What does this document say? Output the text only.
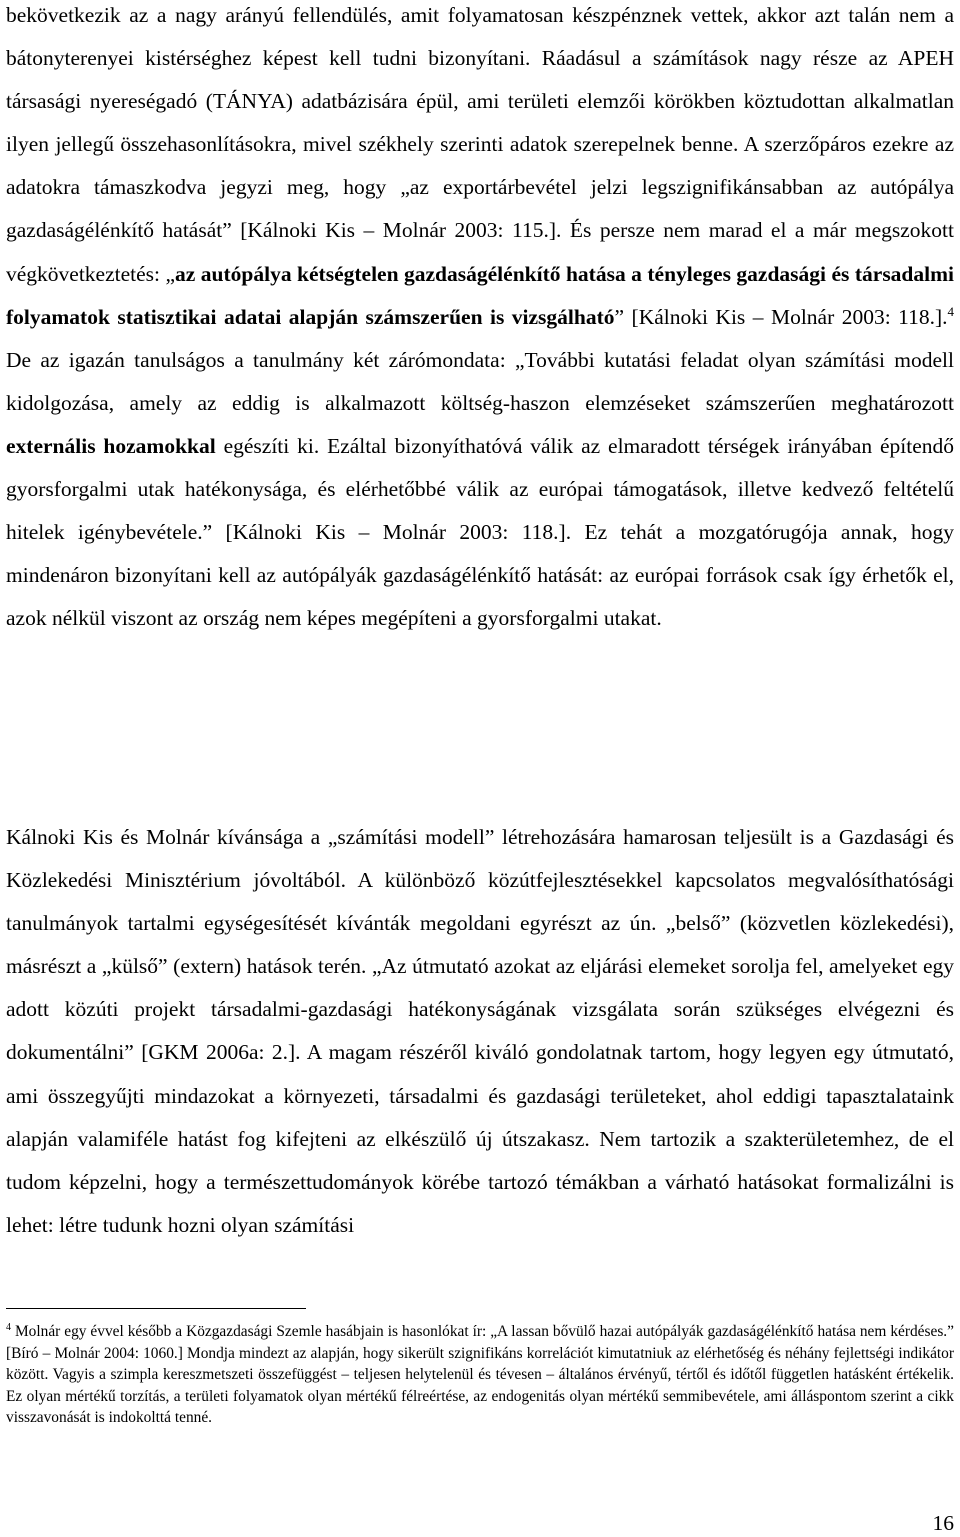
bekövetkezik az a nagy arányú fellendülés, amit folyamatosan készpénznek vettek, akkor azt talán nem a bátonyterenyei kistérséghez képest kell tudni bizonyítani. Ráadásul a számítások nagy része az APEH társasági nyereségadó (TÁNYA) adatbázisára épül, ami területi elemzői körökben köztudottan alkalmatlan ilyen jellegű összehasonlításokra, mivel székhely szerinti adatok szerepelnek benne. A szerzőpáros ezekre az adatokra támaszkodva jegyzi meg, hogy „az exportárbevétel jelzi legszignifikánsabban az autópálya gazdaságélénkítő hatását” [Kálnoki Kis – Molnár 2003: 115.]. És persze nem marad el a már megszokott végkövetkeztetés: „az autópálya kétségtelen gazdaságélénkítő hatása a tényleges gazdasági és társadalmi folyamatok statisztikai adatai alapján számszerűen is vizsgálható” [Kálnoki Kis – Molnár 2003: 118.].$^4$ De az igazán tanulságos a tanulmány két zárómondata: „További kutatási feladat olyan számítási modell kidolgozása, amely az eddig is alkalmazott költség-haszon elemzéseket számszerűen meghatározott externális hozamokkal egészíti ki. Ezáltal bizonyíthatóvá válik az elmaradott térségek irányában építendő gyorsforgalmi utak hatékonysága, és elérhetőbbé válik az európai támogatások, illetve kedvező feltételű hitelek igénybevétele.” [Kálnoki Kis – Molnár 2003: 118.]. Ez tehát a mozgatórugója annak, hogy mindenáron bizonyítani kell az autópályák gazdaságélénkítő hatását: az európai források csak így érhetők el, azok nélkül viszont az ország nem képes megépíteni a gyorsforgalmi utakat.

Kálnoki Kis és Molnár kívánsága a „számítási modell” létrehozására hamarosan teljesült is a Gazdasági és Közlekedési Minisztérium jóvoltából. A különböző közútfejlesztésekkel kapcsolatos megvalósíthatósági tanulmányok tartalmi egységesítését kívánták megoldani egyrészt az ún. „belső” (közvetlen közlekedési), másrészt a „külső” (extern) hatások terén. „Az útmutató azokat az eljárási elemeket sorolja fel, amelyeket egy adott közúti projekt társadalmi-gazdasági hatékonyságának vizsgálata során szükséges elvégezni és dokumentálni” [GKM 2006a: 2.]. A magam részéről kiváló gondolatnak tartom, hogy legyen egy útmutató, ami összegyűjti mindazokat a környezeti, társadalmi és gazdasági területeket, ahol eddigi tapasztalataink alapján valamiféle hatást fog kifejteni az elkészülő új útszakasz. Nem tartozik a szakterületemhez, de el tudom képzelni, hogy a természettudományok körébe tartozó témákban a várható hatásokat formalizálni is lehet: létre tudunk hozni olyan számítási

$^4$ Molnár egy évvel később a Közgazdasági Szemle hasábjain is hasonlókat ír: „A lassan bővülő hazai autópályák gazdaságélénkítő hatása nem kérdéses.” [Bíró – Molnár 2004: 1060.] Mondja mindezt az alapján, hogy sikerült szignifikáns korrelációt kimutatniuk az elérhetőség és néhány fejlettségi indikátor között. Vagyis a szimpla kereszmetszeti összefüggést – teljesen helytelenül és tévesen – általános érvényű, tértől és időtől független hatásként értékelik. Ez olyan mértékű torzítás, a területi folyamatok olyan mértékű félreértése, az endogenitás olyan mértékű semmibevétele, ami álláspontom szerint a cikk visszavonását is indokolttá tenné.

16
